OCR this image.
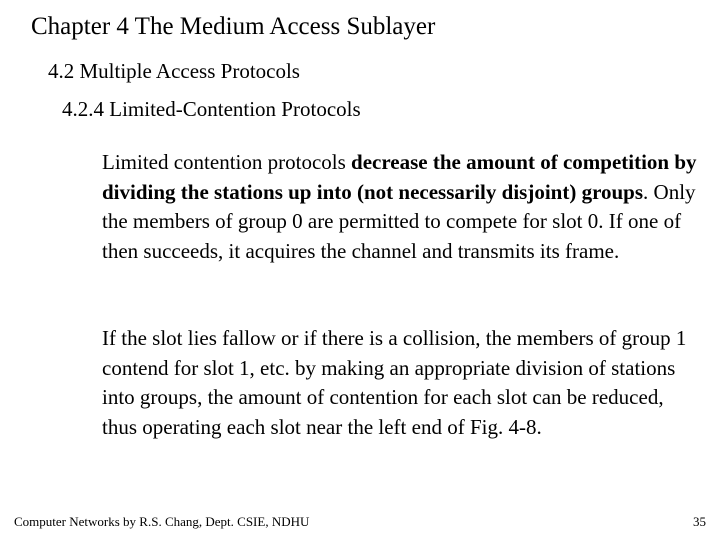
Chapter 4 The Medium Access Sublayer
4.2 Multiple Access Protocols
4.2.4 Limited-Contention Protocols

Limited contention protocols decrease the amount of competition by dividing the stations up into (not necessarily disjoint) groups. Only the members of group 0 are permitted to compete for slot 0. If one of then succeeds, it acquires the channel and transmits its frame.

If the slot lies fallow or if there is a collision, the members of group 1 contend for slot 1, etc. by making an appropriate division of stations into groups, the amount of contention for each slot can be reduced, thus operating each slot near the left end of Fig. 4-8.

Computer Networks by R.S. Chang, Dept. CSIE, NDHU	35
